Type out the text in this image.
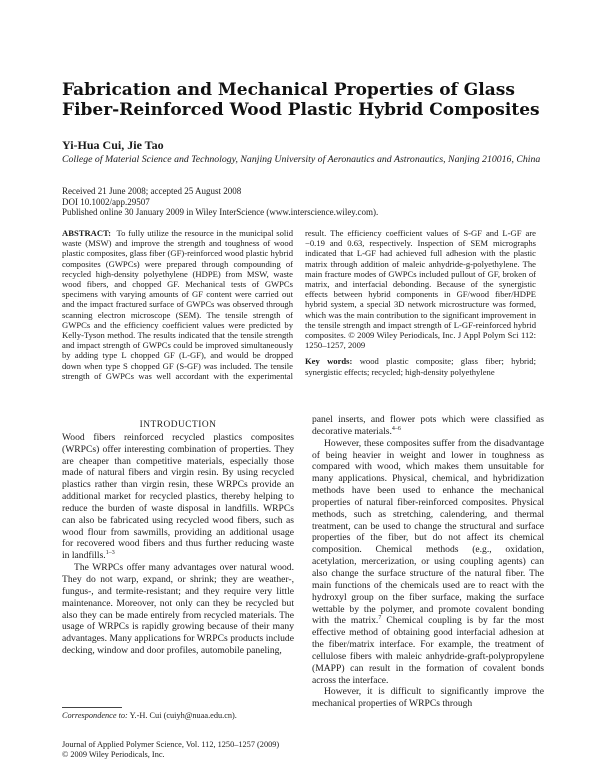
Fabrication and Mechanical Properties of Glass
Fiber-Reinforced Wood Plastic Hybrid Composites

Yi-Hua Cui, Jie Tao

College of Material Science and Technology, Nanjing University of Aeronautics and Astronautics, Nanjing 210016, China

Received 21 June 2008; accepted 25 August 2008
DOI 10.1002/app.29507
Published online 30 January 2009 in Wiley InterScience (www.interscience.wiley.com).

ABSTRACT: To fully utilize the resource in the municipal solid waste (MSW) and improve the strength and toughness of wood plastic composites, glass fiber (GF)-reinforced wood plastic hybrid composites (GWPCs) were prepared through compounding of recycled high-density polyethylene (HDPE) from MSW, waste wood fibers, and chopped GF. Mechanical tests of GWPCs specimens with varying amounts of GF content were carried out and the impact fractured surface of GWPCs was observed through scanning electron microscope (SEM). The tensile strength of GWPCs and the efficiency coefficient values were predicted by Kelly-Tyson method. The results indicated that the tensile strength and impact strength of GWPCs could be improved simultaneously by adding type L chopped GF (L-GF), and would be dropped down when type S chopped GF (S-GF) was included. The tensile strength of GWPCs was well accordant with the experimental result. The efficiency coefficient values of S-GF and L-GF are −0.19 and 0.63, respectively. Inspection of SEM micrographs indicated that L-GF had achieved full adhesion with the plastic matrix through addition of maleic anhydride-g-polyethylene. The main fracture modes of GWPCs included pullout of GF, broken of matrix, and interfacial debonding. Because of the synergistic effects between hybrid components in GF/wood fiber/HDPE hybrid system, a special 3D network microstructure was formed, which was the main contribution to the significant improvement in the tensile strength and impact strength of L-GF-reinforced hybrid composites. © 2009 Wiley Periodicals, Inc. J Appl Polym Sci 112: 1250–1257, 2009

Key words: wood plastic composite; glass fiber; hybrid; synergistic effects; recycled; high-density polyethylene

INTRODUCTION

Wood fibers reinforced recycled plastics composites (WRPCs) offer interesting combination of properties. They are cheaper than competitive materials, especially those made of natural fibers and virgin resin. By using recycled plastics rather than virgin resin, these WRPCs provide an additional market for recycled plastics, thereby helping to reduce the burden of waste disposal in landfills. WRPCs can also be fabricated using recycled wood fibers, such as wood flour from sawmills, providing an additional usage for recovered wood fibers and thus further reducing waste in landfills.$^{1-3}$

The WRPCs offer many advantages over natural wood. They do not warp, expand, or shrink; they are weather-, fungus-, and termite-resistant; and they require very little maintenance. Moreover, not only can they be recycled but also they can be made entirely from recycled materials. The usage of WRPCs is rapidly growing because of their many advantages. Many applications for WRPCs products include decking, window and door profiles, automobile paneling,

panel inserts, and flower pots which were classified as decorative materials.$^{4-6}$

However, these composites suffer from the disadvantage of being heavier in weight and lower in toughness as compared with wood, which makes them unsuitable for many applications. Physical, chemical, and hybridization methods have been used to enhance the mechanical properties of natural fiber-reinforced composites. Physical methods, such as stretching, calendering, and thermal treatment, can be used to change the structural and surface properties of the fiber, but do not affect its chemical composition. Chemical methods (e.g., oxidation, acetylation, mercerization, or using coupling agents) can also change the surface structure of the natural fiber. The main functions of the chemicals used are to react with the hydroxyl group on the fiber surface, making the surface wettable by the polymer, and promote covalent bonding with the matrix.$^7$ Chemical coupling is by far the most effective method of obtaining good interfacial adhesion at the fiber/matrix interface. For example, the treatment of cellulose fibers with maleic anhydride-graft-polypropylene (MAPP) can result in the formation of covalent bonds across the interface.

However, it is difficult to significantly improve the mechanical properties of WRPCs through

Correspondence to: Y.-H. Cui (cuiyh@nuaa.edu.cn).
Journal of Applied Polymer Science, Vol. 112, 1250–1257 (2009)
© 2009 Wiley Periodicals, Inc.
